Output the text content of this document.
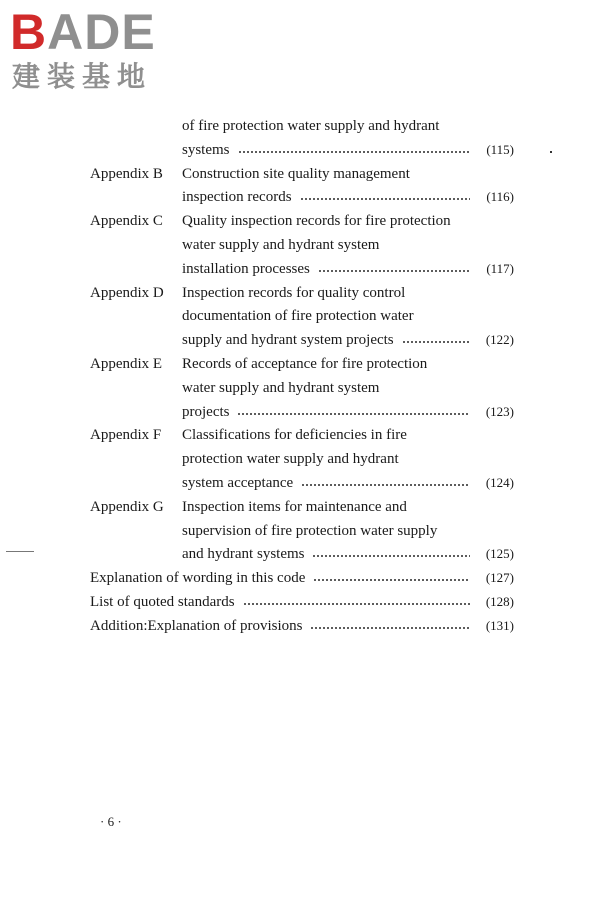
BADE
建装基地
of fire protection water supply and hydrant
systems	(115)
Appendix B Construction site quality management
inspection records	(116)
Appendix C Quality inspection records for fire protection
water supply and hydrant system
installation processes	(117)
Appendix D Inspection records for quality control
documentation of fire protection water
supply and hydrant system projects	(122)
Appendix E Records of acceptance for fire protection
water supply and hydrant system
projects	(123)
Appendix F Classifications for deficiencies in fire
protection water supply and hydrant
system acceptance	(124)
Appendix G Inspection items for maintenance and
supervision of fire protection water supply
and hydrant systems	(125)
Explanation of wording in this code	(127)
List of quoted standards	(128)
Addition:Explanation of provisions	(131)
· 6 ·
